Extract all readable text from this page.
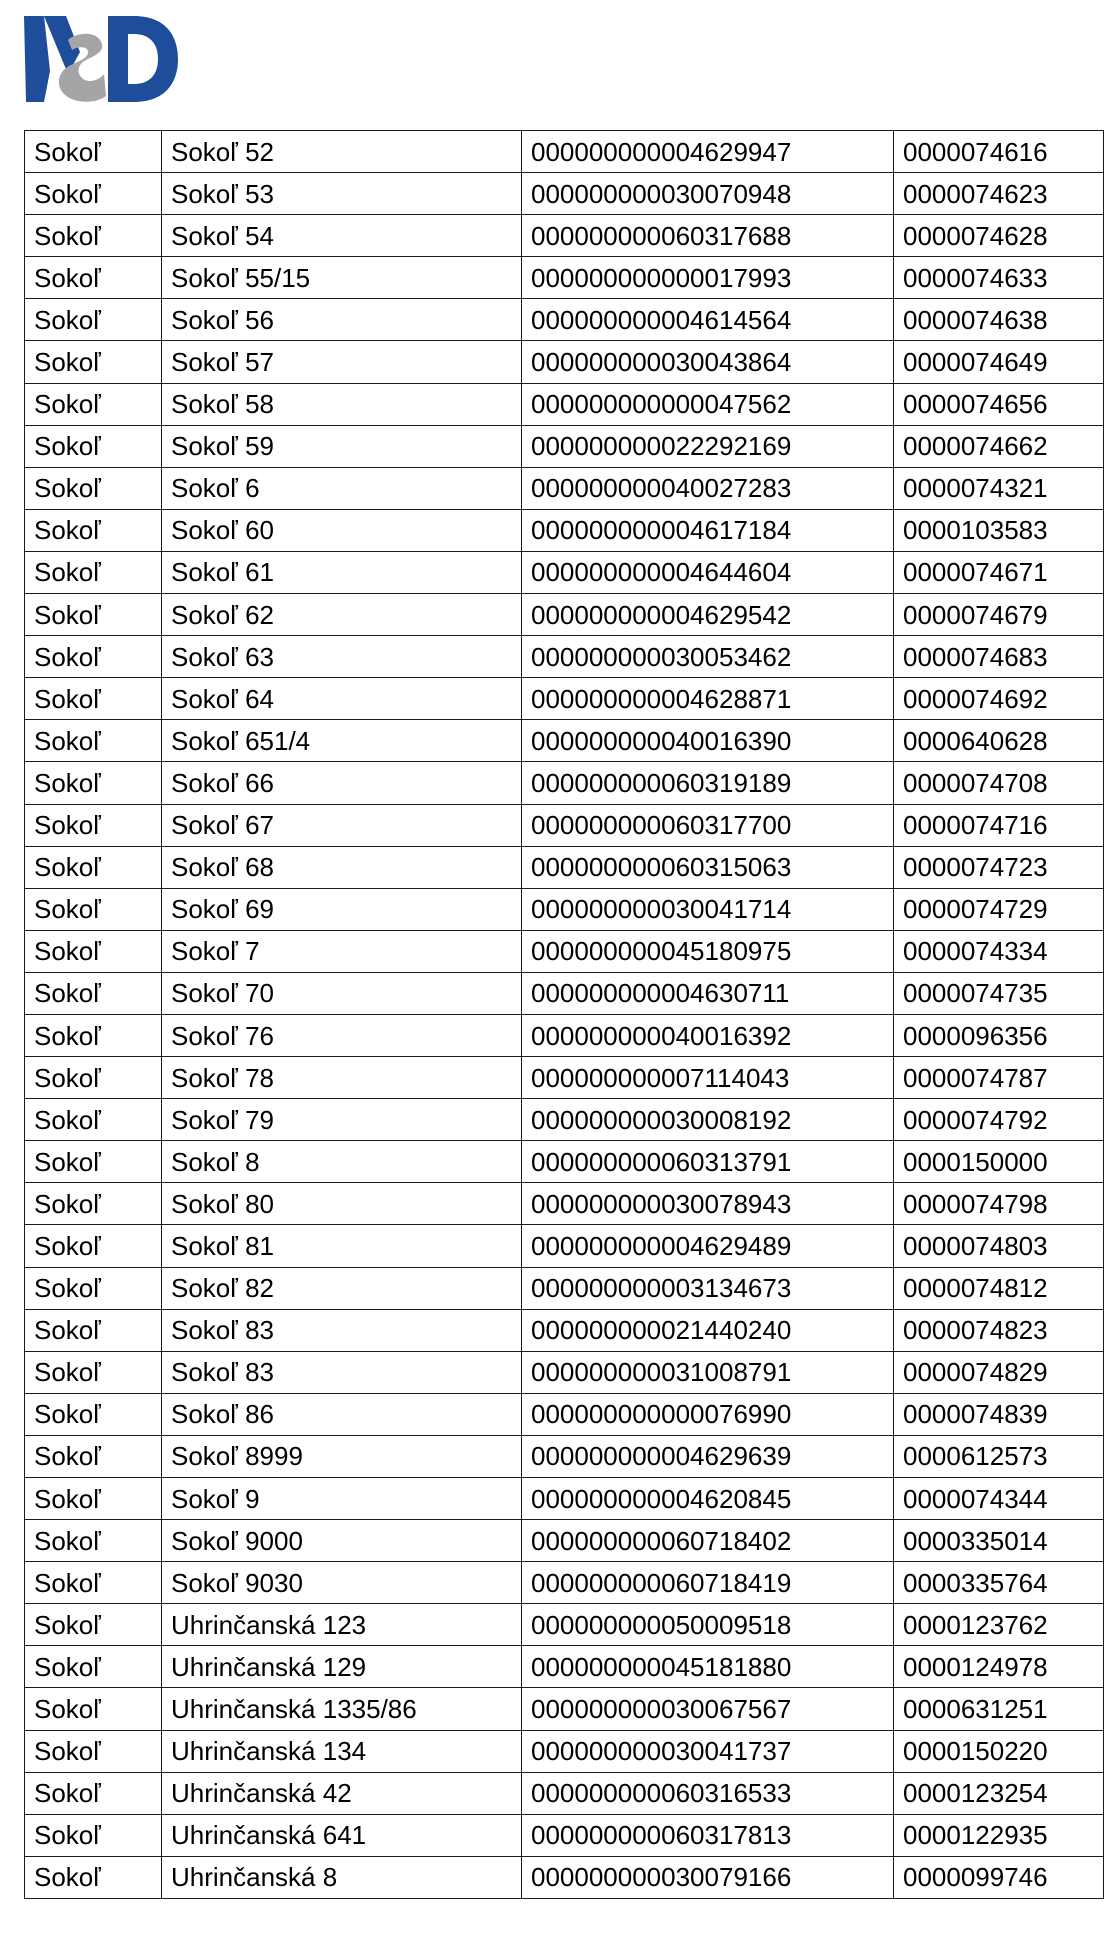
Sokoľ	Sokoľ 52	000000000004629947	0000074616
Sokoľ	Sokoľ 53	000000000030070948	0000074623
Sokoľ	Sokoľ 54	000000000060317688	0000074628
Sokoľ	Sokoľ 55/15	000000000000017993	0000074633
Sokoľ	Sokoľ 56	000000000004614564	0000074638
Sokoľ	Sokoľ 57	000000000030043864	0000074649
Sokoľ	Sokoľ 58	000000000000047562	0000074656
Sokoľ	Sokoľ 59	000000000022292169	0000074662
Sokoľ	Sokoľ 6	000000000040027283	0000074321
Sokoľ	Sokoľ 60	000000000004617184	0000103583
Sokoľ	Sokoľ 61	000000000004644604	0000074671
Sokoľ	Sokoľ 62	000000000004629542	0000074679
Sokoľ	Sokoľ 63	000000000030053462	0000074683
Sokoľ	Sokoľ 64	000000000004628871	0000074692
Sokoľ	Sokoľ 651/4	000000000040016390	0000640628
Sokoľ	Sokoľ 66	000000000060319189	0000074708
Sokoľ	Sokoľ 67	000000000060317700	0000074716
Sokoľ	Sokoľ 68	000000000060315063	0000074723
Sokoľ	Sokoľ 69	000000000030041714	0000074729
Sokoľ	Sokoľ 7	000000000045180975	0000074334
Sokoľ	Sokoľ 70	000000000004630711	0000074735
Sokoľ	Sokoľ 76	000000000040016392	0000096356
Sokoľ	Sokoľ 78	000000000007114043	0000074787
Sokoľ	Sokoľ 79	000000000030008192	0000074792
Sokoľ	Sokoľ 8	000000000060313791	0000150000
Sokoľ	Sokoľ 80	000000000030078943	0000074798
Sokoľ	Sokoľ 81	000000000004629489	0000074803
Sokoľ	Sokoľ 82	000000000003134673	0000074812
Sokoľ	Sokoľ 83	000000000021440240	0000074823
Sokoľ	Sokoľ 83	000000000031008791	0000074829
Sokoľ	Sokoľ 86	000000000000076990	0000074839
Sokoľ	Sokoľ 8999	000000000004629639	0000612573
Sokoľ	Sokoľ 9	000000000004620845	0000074344
Sokoľ	Sokoľ 9000	000000000060718402	0000335014
Sokoľ	Sokoľ 9030	000000000060718419	0000335764
Sokoľ	Uhrinčanská 123	000000000050009518	0000123762
Sokoľ	Uhrinčanská 129	000000000045181880	0000124978
Sokoľ	Uhrinčanská 1335/86	000000000030067567	0000631251
Sokoľ	Uhrinčanská 134	000000000030041737	0000150220
Sokoľ	Uhrinčanská 42	000000000060316533	0000123254
Sokoľ	Uhrinčanská 641	000000000060317813	0000122935
Sokoľ	Uhrinčanská 8	000000000030079166	0000099746
